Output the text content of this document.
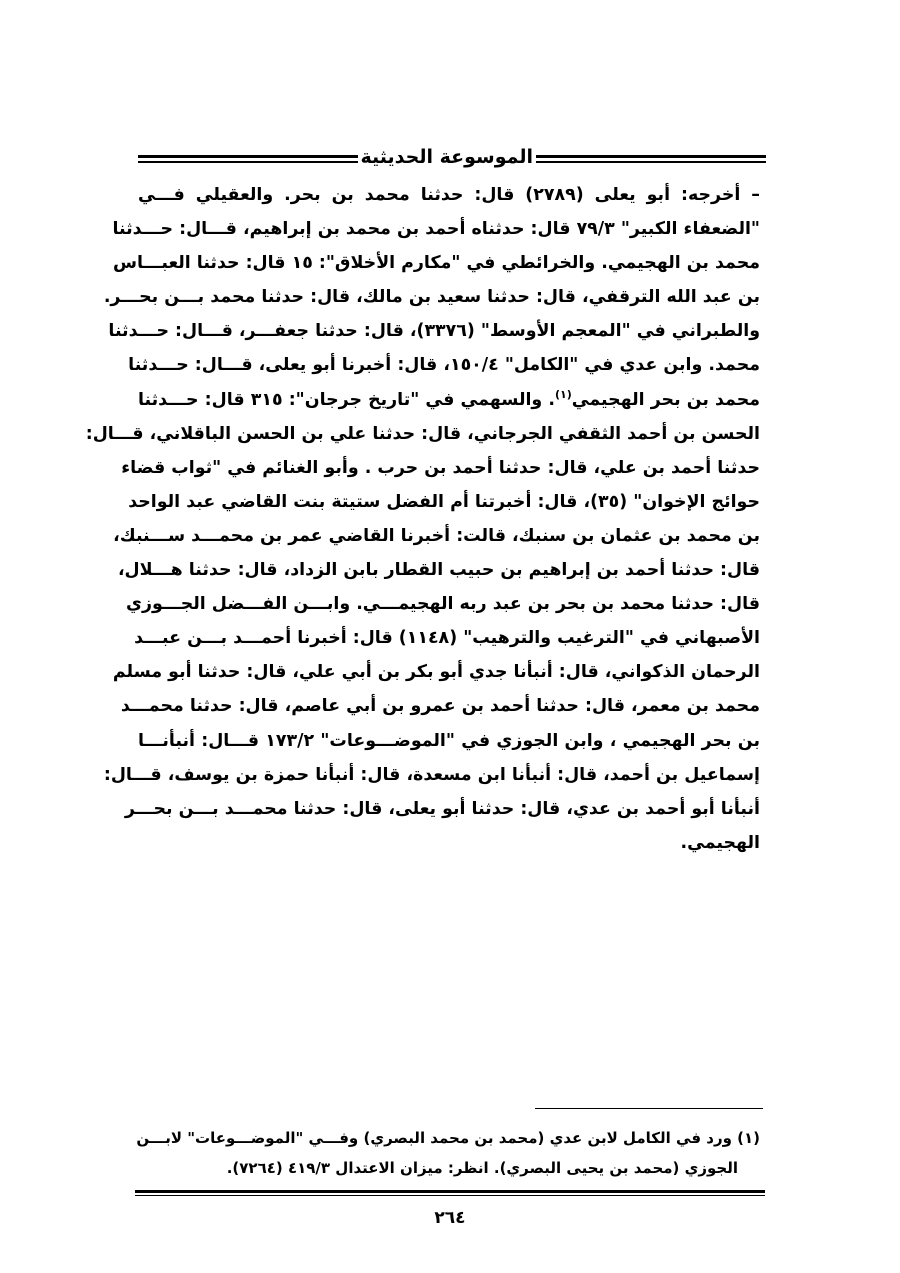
الموسوعة الحديثية
– أخرجه: أبو يعلى (٢٧٨٩) قال: حدثنا محمد بن بحر. والعقيلي فـــي
"الضعفاء الكبير" ٧٩/٣ قال: حدثناه أحمد بن محمد بن إبراهيم، قـــال: حـــدثنا
محمد بن الهجيمي. والخرائطي في "مكارم الأخلاق": ١٥ قال: حدثنا العبـــاس
بن عبد الله الترقفي، قال: حدثنا سعيد بن مالك، قال: حدثنا محمد بـــن بحـــر.
والطبراني في "المعجم الأوسط" (٣٣٧٦)، قال: حدثنا جعفـــر، قـــال: حـــدثنا
محمد. وابن عدي في "الكامل" ١٥٠/٤، قال: أخبرنا أبو يعلى، قـــال: حـــدثنا
محمد بن بحر الهجيمي$^{(١)}$. والسهمي في "تاريخ جرجان": ٣١٥ قال: حـــدثنا
الحسن بن أحمد الثقفي الجرجاني، قال: حدثنا علي بن الحسن الباقلاني، قـــال:
حدثنا أحمد بن علي، قال: حدثنا أحمد بن حرب . وأبو الغنائم في "ثواب قضاء
حوائج الإخوان" (٣٥)، قال: أخبرتنا أم الفضل ستيتة بنت القاضي عبد الواحد
بن محمد بن عثمان بن سنبك، قالت: أخبرنا القاضي عمر بن محمـــد ســـنبك،
قال: حدثنا أحمد بن إبراهيم بن حبيب القطار بابن الزداد، قال: حدثنا هـــلال،
قال: حدثنا محمد بن بحر بن عبد ربه الهجيمـــي. وابـــن الفـــضل الجـــوزي
الأصبهاني في "الترغيب والترهيب" (١١٤٨) قال: أخبرنا أحمـــد بـــن عبـــد
الرحمان الذكواني، قال: أنبأنا جدي أبو بكر بن أبي علي، قال: حدثنا أبو مسلم
محمد بن معمر، قال: حدثنا أحمد بن عمرو بن أبي عاصم، قال: حدثنا محمـــد
بن بحر الهجيمي ، وابن الجوزي في "الموضـــوعات" ١٧٣/٢ قـــال: أنبأنـــا
إسماعيل بن أحمد، قال: أنبأنا ابن مسعدة، قال: أنبأنا حمزة بن يوسف، قـــال:
أنبأنا أبو أحمد بن عدي، قال: حدثنا أبو يعلى، قال: حدثنا محمـــد بـــن بحـــر
الهجيمي.
(١) ورد في الكامل لابن عدي (محمد بن محمد البصري) وفـــي "الموضـــوعات" لابـــن
الجوزي (محمد بن يحيى البصري). انظر: ميزان الاعتدال ٤١٩/٣ (٧٢٦٤).
٢٦٤
